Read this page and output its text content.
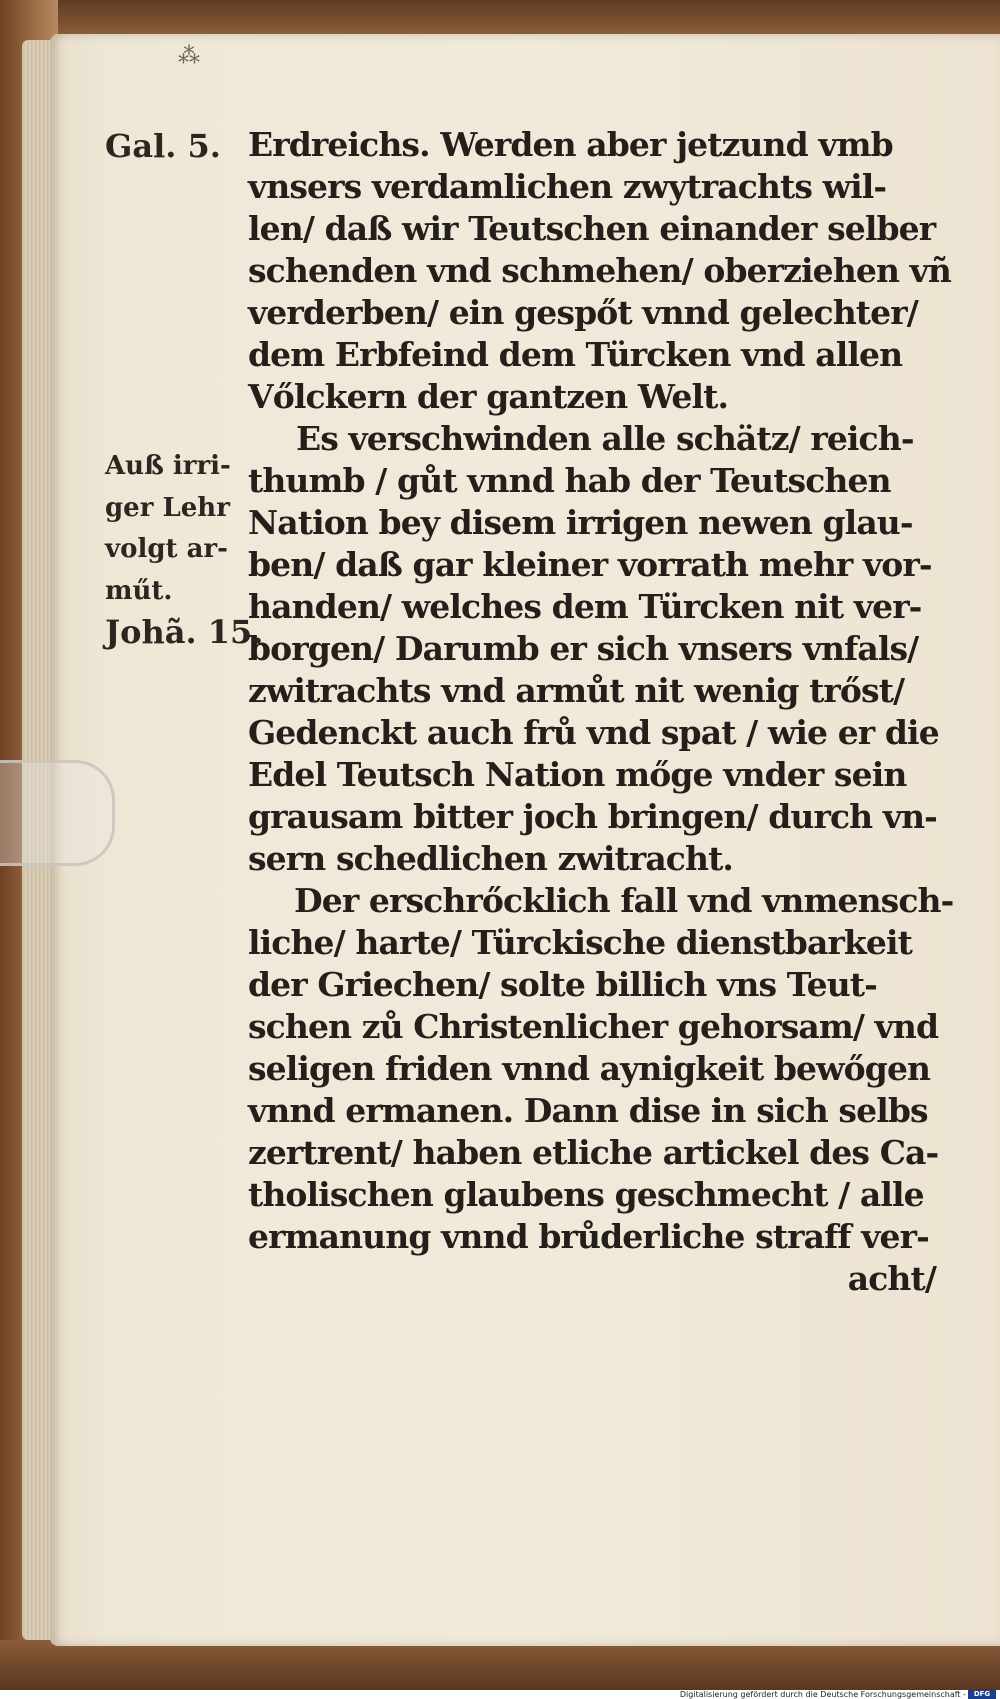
⁂
Gal. 5.
Auß irri-
ger Lehr
volgt ar-
műt.
Johã. 15.
Erdreichs. Werden aber jetzund vmb
vnsers verdamlichen zwytrachts wil-
len/ daß wir Teutschen einander selber
schenden vnd schmehen/ oberziehen vñ
verderben/ ein gespőt vnnd gelechter/
dem Erbfeind dem Türcken vnd allen
Vőlckern der gantzen Welt.
Es verschwinden alle schätz/ reich-
thumb / gůt vnnd hab der Teutschen
Nation bey disem irrigen newen glau-
ben/ daß gar kleiner vorrath mehr vor-
handen/ welches dem Türcken nit ver-
borgen/ Darumb er sich vnsers vnfals/
zwitrachts vnd armůt nit wenig trőst/
Gedenckt auch frů vnd spat / wie er die
Edel Teutsch Nation mőge vnder sein
grausam bitter joch bringen/ durch vn-
sern schedlichen zwitracht.
Der erschrőcklich fall vnd vnmensch-
liche/ harte/ Türckische dienstbarkeit
der Griechen/ solte billich vns Teut-
schen zů Christenlicher gehorsam/ vnd
seligen friden vnnd aynigkeit bewőgen
vnnd ermanen. Dann dise in sich selbs
zertrent/ haben etliche artickel des Ca-
tholischen glaubens geschmecht / alle
ermanung vnnd brůderliche straff ver-
acht/
Digitalisierung gefördert durch die Deutsche Forschungsgemeinschaft -	DFG
